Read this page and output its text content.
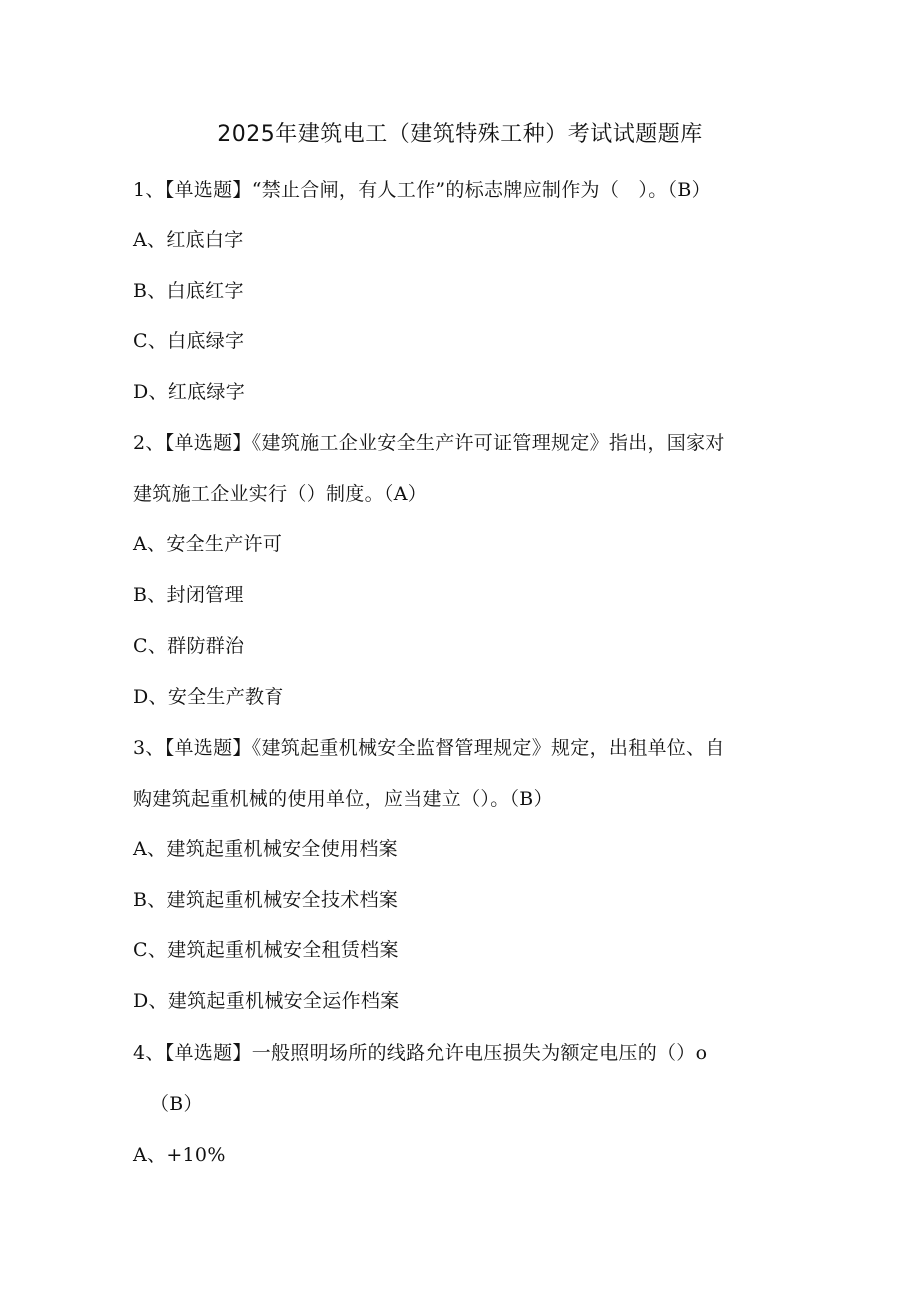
2025年建筑电工（建筑特殊工种）考试试题题库
1、【单选题】“禁止合闸，有人工作”的标志牌应制作为（　）。（B）
A、红底白字
B、白底红字
C、白底绿字
D、红底绿字
2、【单选题】《建筑施工企业安全生产许可证管理规定》指出，国家对
建筑施工企业实行（）制度。（A）
A、安全生产许可
B、封闭管理
C、群防群治
D、安全生产教育
3、【单选题】《建筑起重机械安全监督管理规定》规定，出租单位、自
购建筑起重机械的使用单位，应当建立（）。（B）
A、建筑起重机械安全使用档案
B、建筑起重机械安全技术档案
C、建筑起重机械安全租赁档案
D、建筑起重机械安全运作档案
4、【单选题】一般照明场所的线路允许电压损失为额定电压的（）o
（B）
A、+10%
